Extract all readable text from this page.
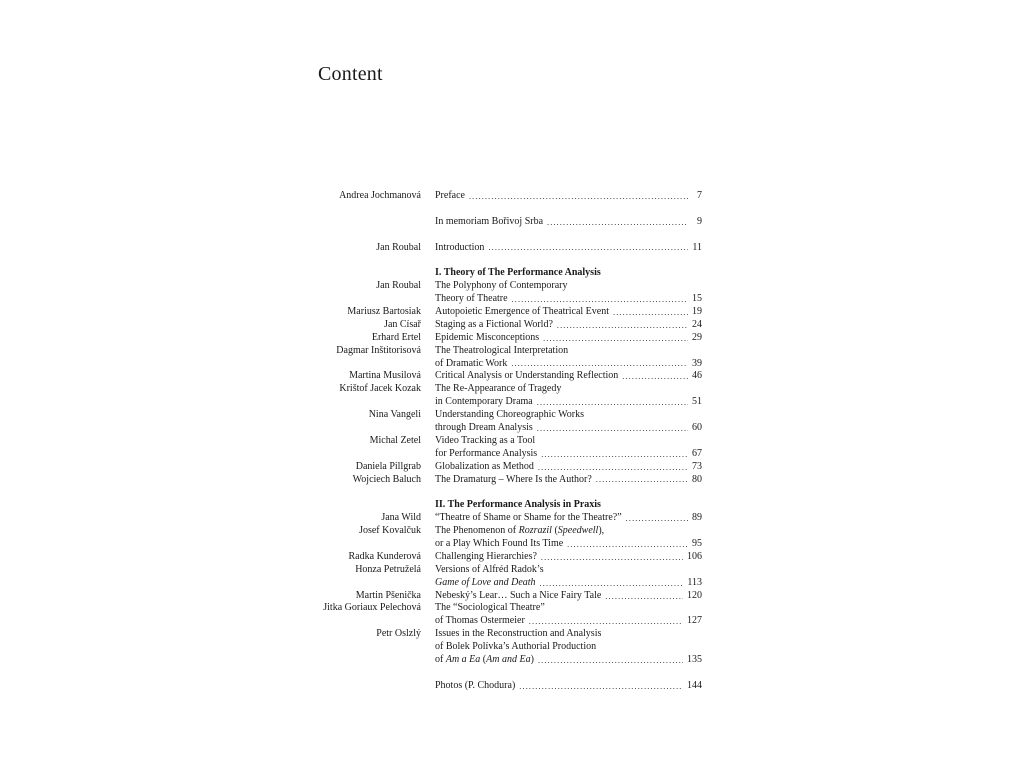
Content
Andrea Jochmanová	Preface .....	7
In memoriam Bořivoj Srba .....	9
Jan Roubal	Introduction .....	11
I. Theory of The Performance Analysis
Jan Roubal	The Polyphony of Contemporary
Theory of Theatre .....	15
Mariusz Bartosiak	Autopoietic Emergence of Theatrical Event .....	19
Jan Císař	Staging as a Fictional World? .....	24
Erhard Ertel	Epidemic Misconceptions .....	29
Dagmar Inštitorisová	The Theatrological Interpretation
of Dramatic Work .....	39
Martina Musilová	Critical Analysis or Understanding Reflection .....	46
Krištof Jacek Kozak	The Re-Appearance of Tragedy
in Contemporary Drama .....	51
Nina Vangeli	Understanding Choreographic Works
through Dream Analysis .....	60
Michal Zetel	Video Tracking as a Tool
for Performance Analysis .....	67
Daniela Pillgrab	Globalization as Method .....	73
Wojciech Baluch	The Dramaturg – Where Is the Author? .....	80
II. The Performance Analysis in Praxis
Jana Wild	“Theatre of Shame or Shame for the Theatre?” .....	89
Josef Kovalčuk	The Phenomenon of Rozrazil (Speedwell),
or a Play Which Found Its Time .....	95
Radka Kunderová	Challenging Hierarchies? .....	106
Honza Petruželá	Versions of Alfréd Radok’s
Game of Love and Death .....	113
Martin Pšenička	Nebeský’s Lear… Such a Nice Fairy Tale .....	120
Jitka Goriaux Pelechová	The “Sociological Theatre”
of Thomas Ostermeier .....	127
Petr Oslzlý	Issues in the Reconstruction and Analysis
of Bolek Polívka’s Authorial Production
of Am a Ea (Am and Ea) .....	135
Photos (P. Chodura) .....	144
